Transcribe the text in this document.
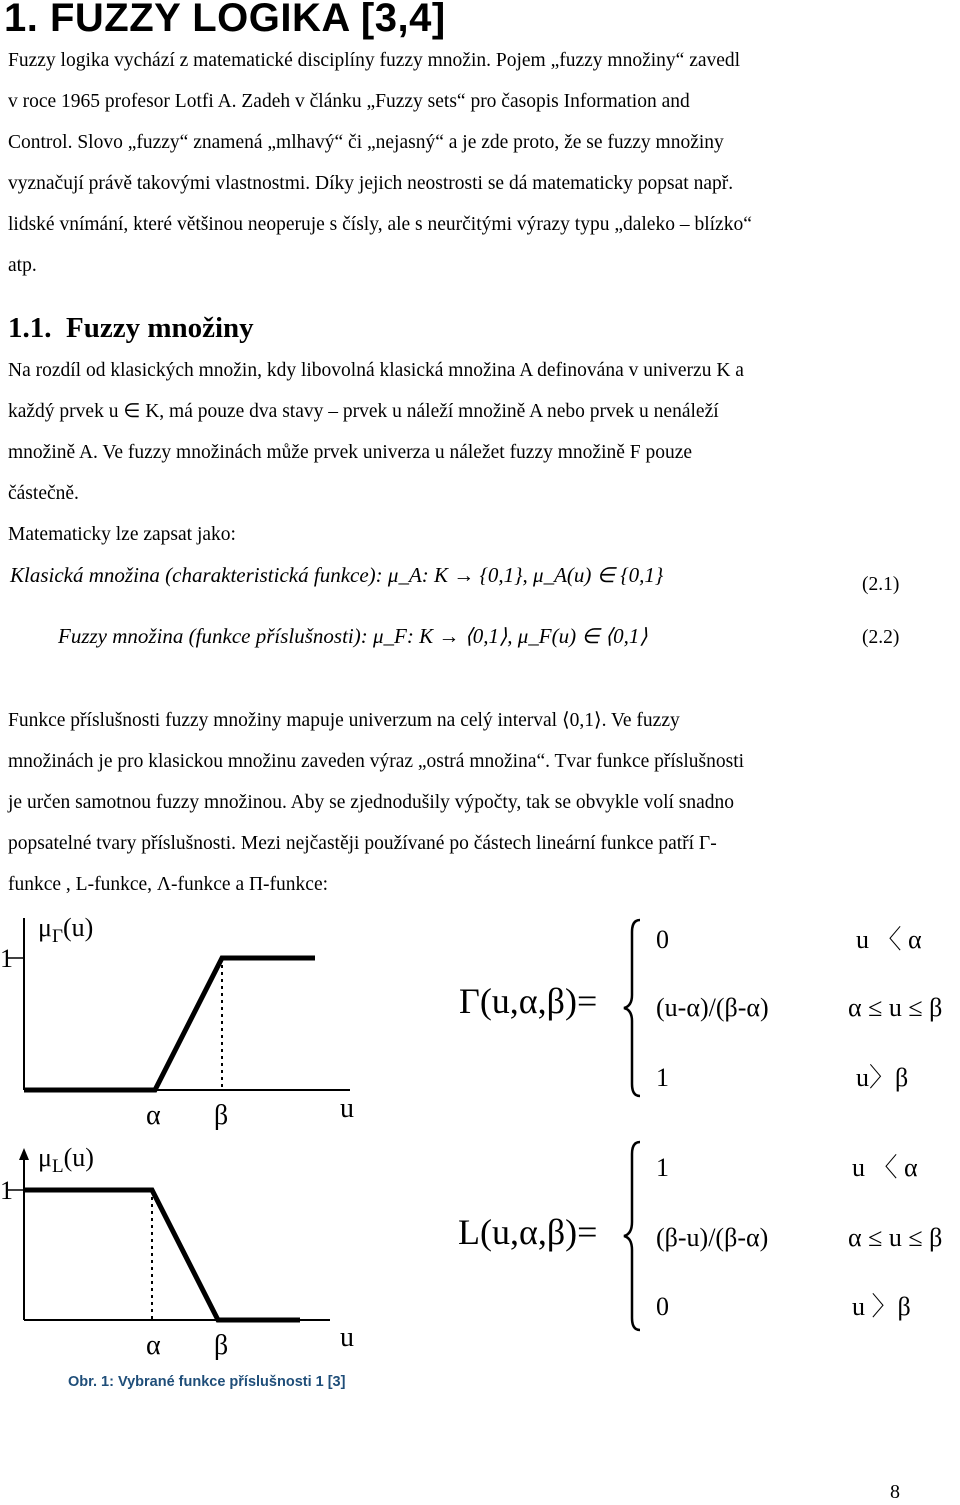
1. FUZZY LOGIKA [3,4]
Fuzzy logika vychází z matematické disciplíny fuzzy množin. Pojem „fuzzy množiny“ zavedl
v roce 1965 profesor Lotfi A. Zadeh v článku „Fuzzy sets“ pro časopis Information and
Control. Slovo „fuzzy“ znamená „mlhavý“ či „nejasný“ a je zde proto, že se fuzzy množiny
vyznačují právě takovými vlastnostmi. Díky jejich neostrosti se dá matematicky popsat např.
lidské vnímání, které většinou neoperuje s čísly, ale s neurčitými výrazy typu „daleko – blízko“
atp.
1.1. Fuzzy množiny
Na rozdíl od klasických množin, kdy libovolná klasická množina A definována v univerzu K a
každý prvek u ∈ K, má pouze dva stavy – prvek u náleží množině A nebo prvek u nenáleží
množině A. Ve fuzzy množinách může prvek univerza u náležet fuzzy množině F pouze
částečně.
Matematicky lze zapsat jako:
Klasická množina (charakteristická funkce): μ_A: K → {0,1}, μ_A(u) ∈ {0,1}	(2.1)
Fuzzy množina (funkce příslušnosti): μ_F: K → ⟨0,1⟩, μ_F(u) ∈ ⟨0,1⟩	(2.2)
Funkce příslušnosti fuzzy množiny mapuje univerzum na celý interval ⟨0,1⟩. Ve fuzzy
množinách je pro klasickou množinu zaveden výraz „ostrá množina“. Tvar funkce příslušnosti
je určen samotnou fuzzy množinou. Aby se zjednodušily výpočty, tak se obvykle volí snadno
popsatelné tvary příslušnosti. Mezi nejčastěji používané po částech lineární funkce patří Γ-
funkce , L-funkce, Λ-funkce a Π-funkce:
1
$\mu_\Gamma(u)$
α β	u
Γ(u,α,β)=
0	u 〈 α
(u-α)/(β-α)	α ≤ u ≤ β
1	u〉β
1
$\mu_L(u)$
α β	u
L(u,α,β)=
1	u 〈 α
(β-u)/(β-α)	α ≤ u ≤ β
0	u 〉β
Obr. 1: Vybrané funkce příslušnosti 1 [3]
8
